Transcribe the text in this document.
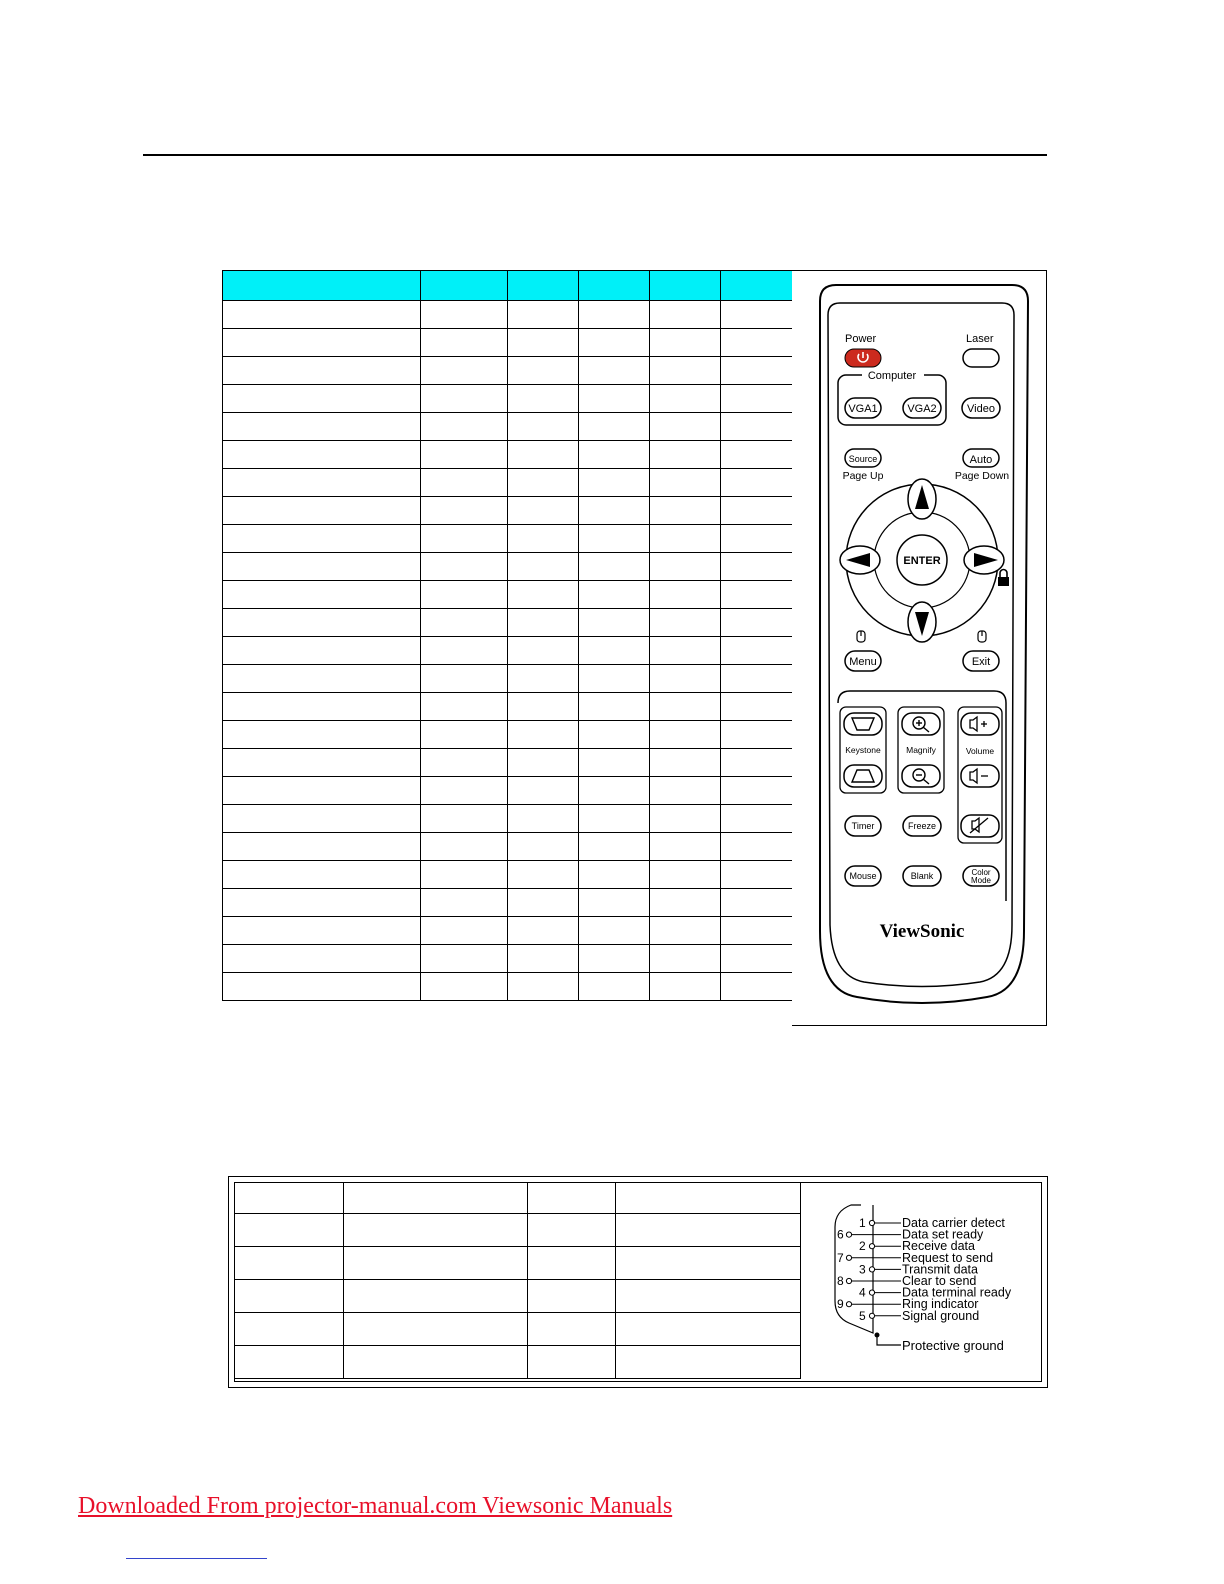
Power	Laser
Computer
VGA1	VGA2	Video
Source
Page Up
Auto
Page Down
ENTER
Menu	Exit
Keystone	Magnify	Volume
Timer	Freeze
Mouse	Blank	Color
Mode
ViewSonic

Protective ground
1	Data carrier detect
6	Data set ready
2	Receive data
7	Request to send
3	Transmit data
8	Clear to send
4	Data terminal ready
9	Ring indicator
5	Signal ground
Downloaded From projector-manual.com Viewsonic Manuals
